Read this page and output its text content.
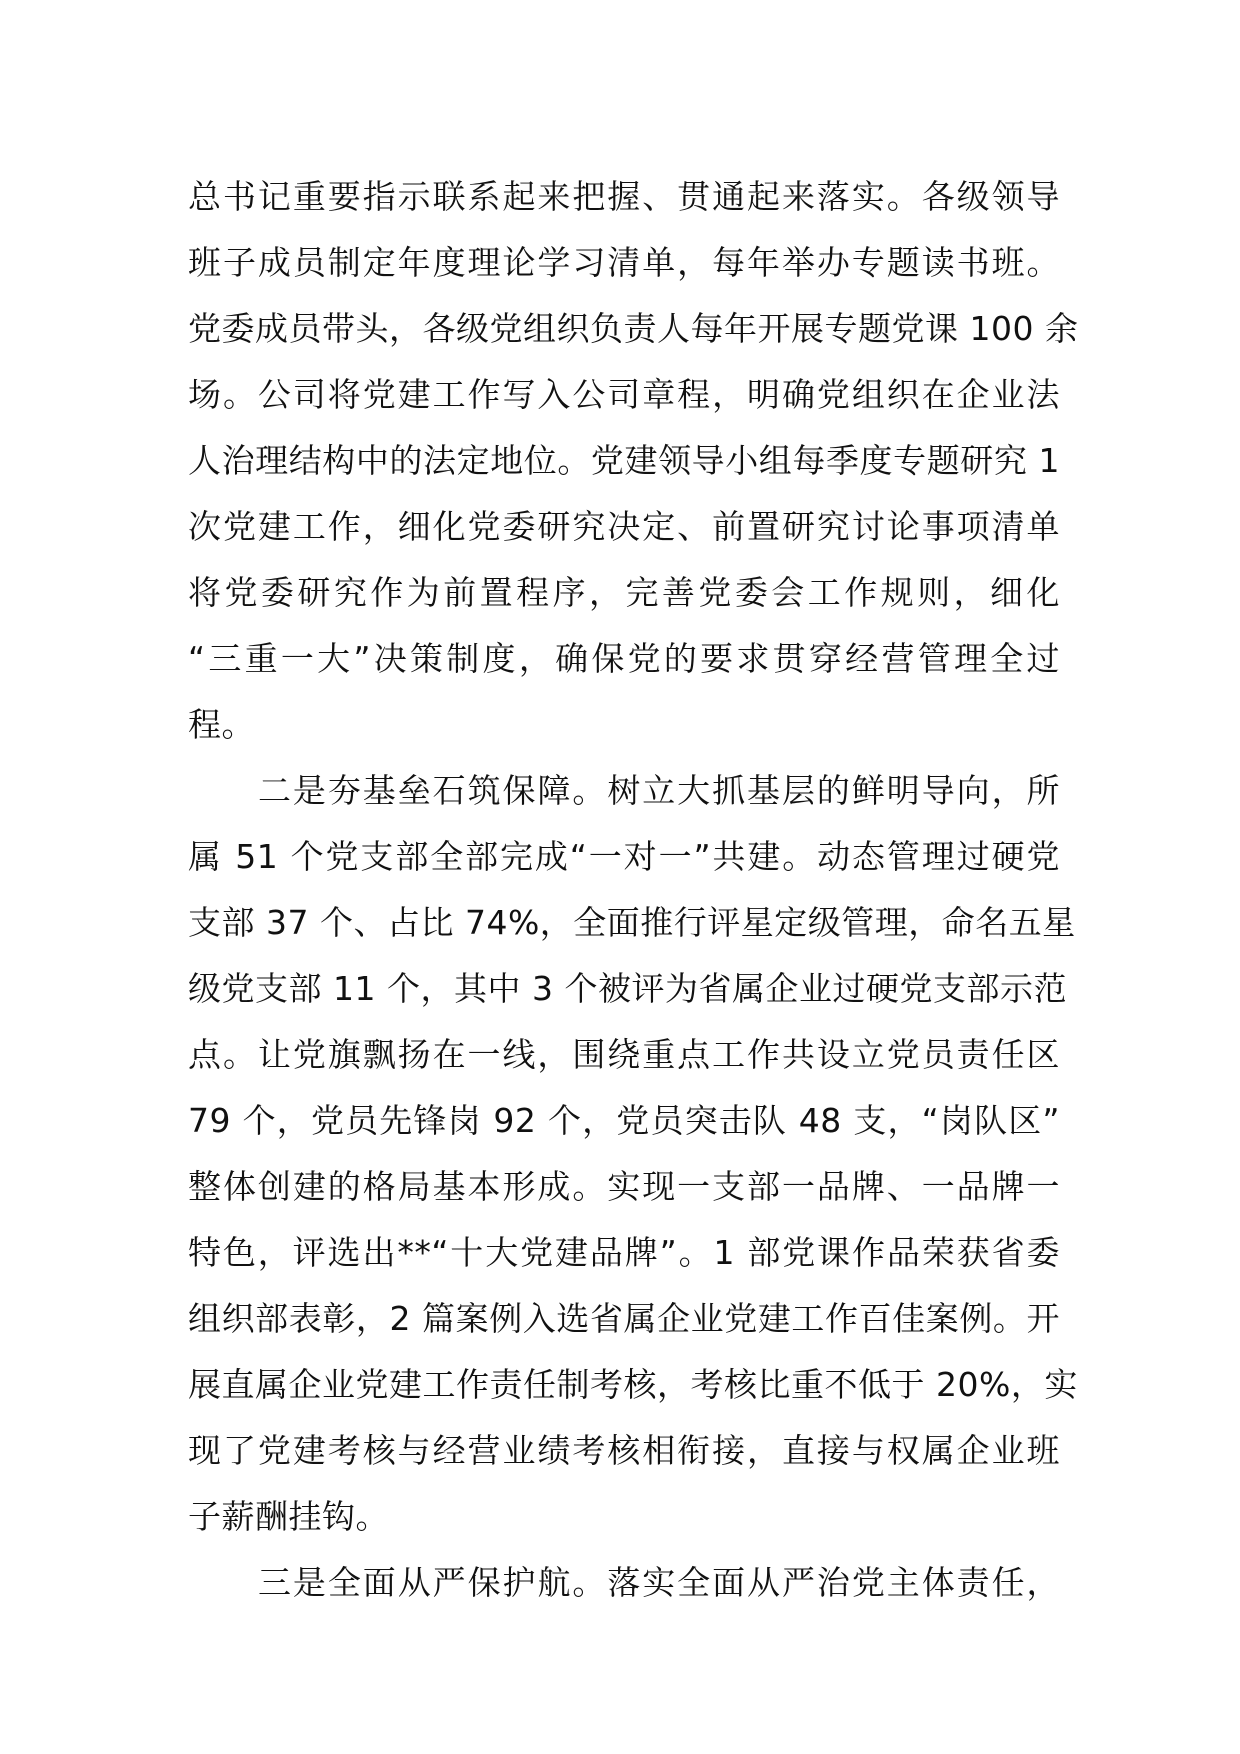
总书记重要指示联系起来把握、贯通起来落实。各级领导
班子成员制定年度理论学习清单，每年举办专题读书班。
党委成员带头，各级党组织负责人每年开展专题党课 100 余
场。公司将党建工作写入公司章程，明确党组织在企业法
人治理结构中的法定地位。党建领导小组每季度专题研究 1
次党建工作，细化党委研究决定、前置研究讨论事项清单
将党委研究作为前置程序，完善党委会工作规则，细化
“三重一大”决策制度，确保党的要求贯穿经营管理全过
程。
二是夯基垒石筑保障。树立大抓基层的鲜明导向，所
属 51 个党支部全部完成“一对一”共建。动态管理过硬党
支部 37 个、占比 74%，全面推行评星定级管理，命名五星
级党支部 11 个，其中 3 个被评为省属企业过硬党支部示范
点。让党旗飘扬在一线，围绕重点工作共设立党员责任区
79 个，党员先锋岗 92 个，党员突击队 48 支，“岗队区”
整体创建的格局基本形成。实现一支部一品牌、一品牌一
特色，评选出**“十大党建品牌”。1 部党课作品荣获省委
组织部表彰，2 篇案例入选省属企业党建工作百佳案例。开
展直属企业党建工作责任制考核，考核比重不低于 20%，实
现了党建考核与经营业绩考核相衔接，直接与权属企业班
子薪酬挂钩。
三是全面从严保护航。落实全面从严治党主体责任，
